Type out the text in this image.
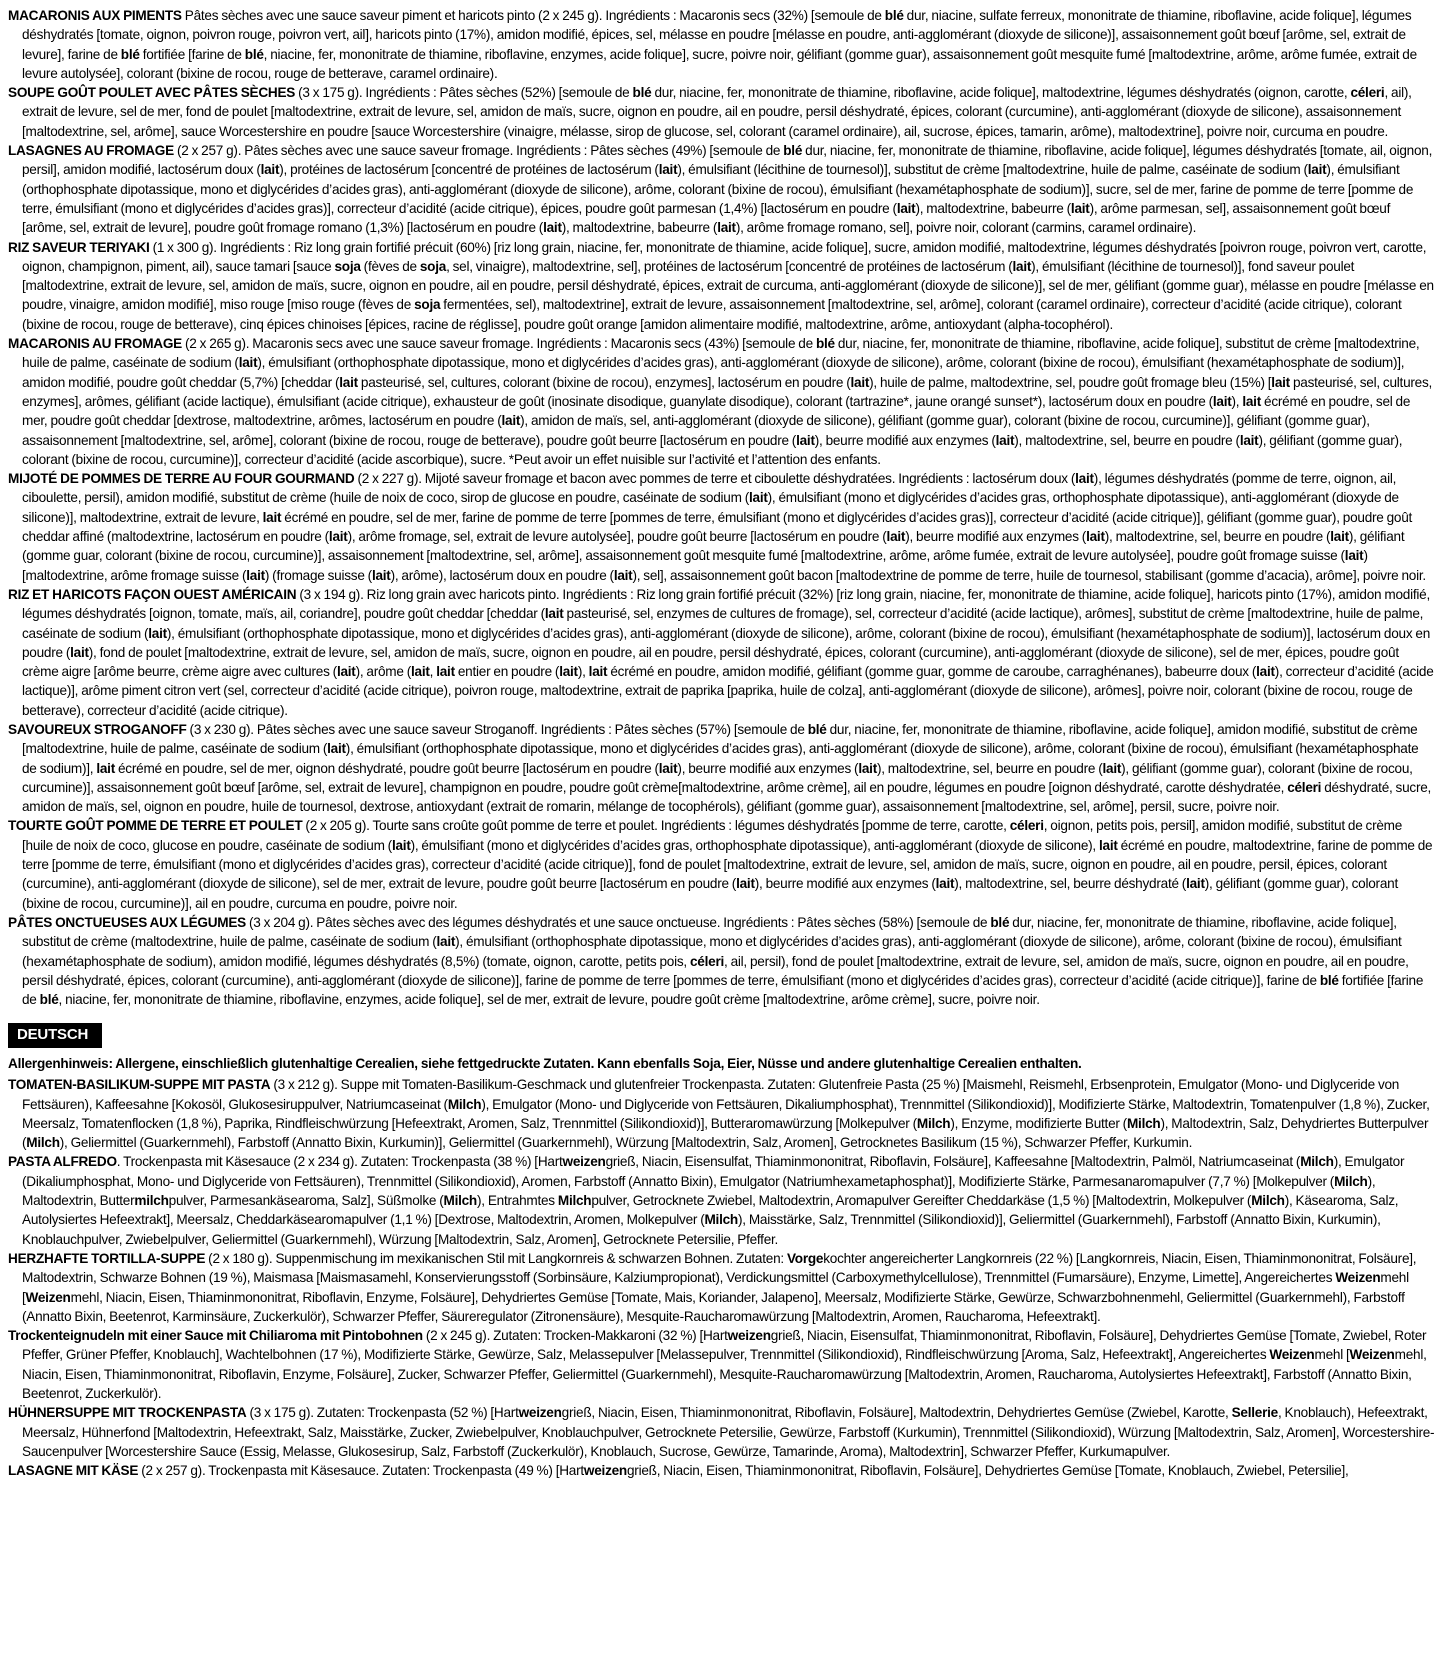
MACARONIS AUX PIMENTS Pâtes sèches avec une sauce saveur piment et haricots pinto (2 x 245 g). Ingrédients : Macaronis secs (32%) [semoule de blé dur, niacine, sulfate ferreux, mononitrate de thiamine, riboflavine, acide folique], légumes déshydratés [tomate, oignon, poivron rouge, poivron vert, ail], haricots pinto (17%), amidon modifié, épices, sel, mélasse en poudre [mélasse en poudre, anti-agglomérant (dioxyde de silicone)], assaisonnement goût bœuf [arôme, sel, extrait de levure], farine de blé fortifiée [farine de blé, niacine, fer, mononitrate de thiamine, riboflavine, enzymes, acide folique], sucre, poivre noir, gélifiant (gomme guar), assaisonnement goût mesquite fumé [maltodextrine, arôme, arôme fumée, extrait de levure autolysée], colorant (bixine de rocou, rouge de betterave, caramel ordinaire).

SOUPE GOÛT POULET AVEC PÂTES SÈCHES (3 x 175 g). Ingrédients : Pâtes sèches (52%) [semoule de blé dur, niacine, fer, mononitrate de thiamine, riboflavine, acide folique], maltodextrine, légumes déshydratés (oignon, carotte, céleri, ail), extrait de levure, sel de mer, fond de poulet [maltodextrine, extrait de levure, sel, amidon de maïs, sucre, oignon en poudre, ail en poudre, persil déshydraté, épices, colorant (curcumine), anti-agglomérant (dioxyde de silicone), assaisonnement [maltodextrine, sel, arôme], sauce Worcestershire en poudre [sauce Worcestershire (vinaigre, mélasse, sirop de glucose, sel, colorant (caramel ordinaire), ail, sucrose, épices, tamarin, arôme), maltodextrine], poivre noir, curcuma en poudre.

LASAGNES AU FROMAGE (2 x 257 g). Pâtes sèches avec une sauce saveur fromage. Ingrédients : Pâtes sèches (49%) [semoule de blé dur, niacine, fer, mononitrate de thiamine, riboflavine, acide folique], légumes déshydratés [tomate, ail, oignon, persil], amidon modifié, lactosérum doux (lait), protéines de lactosérum [concentré de protéines de lactosérum (lait), émulsifiant (lécithine de tournesol)], substitut de crème [maltodextrine, huile de palme, caséinate de sodium (lait), émulsifiant (orthophosphate dipotassique, mono et diglycérides d’acides gras), anti-agglomérant (dioxyde de silicone), arôme, colorant (bixine de rocou), émulsifiant (hexamétaphosphate de sodium)], sucre, sel de mer, farine de pomme de terre [pomme de terre, émulsifiant (mono et diglycérides d’acides gras)], correcteur d’acidité (acide citrique), épices, poudre goût parmesan (1,4%) [lactosérum en poudre (lait), maltodextrine, babeurre (lait), arôme parmesan, sel], assaisonnement goût bœuf [arôme, sel, extrait de levure], poudre goût fromage romano (1,3%) [lactosérum en poudre (lait), maltodextrine, babeurre (lait), arôme fromage romano, sel], poivre noir, colorant (carmins, caramel ordinaire).

RIZ SAVEUR TERIYAKI (1 x 300 g). Ingrédients : Riz long grain fortifié précuit (60%) [riz long grain, niacine, fer, mononitrate de thiamine, acide folique], sucre, amidon modifié, maltodextrine, légumes déshydratés [poivron rouge, poivron vert, carotte, oignon, champignon, piment, ail), sauce tamari [sauce soja (fèves de soja, sel, vinaigre), maltodextrine, sel], protéines de lactosérum [concentré de protéines de lactosérum (lait), émulsifiant (lécithine de tournesol)], fond saveur poulet [maltodextrine, extrait de levure, sel, amidon de maïs, sucre, oignon en poudre, ail en poudre, persil déshydraté, épices, extrait de curcuma, anti-agglomérant (dioxyde de silicone)], sel de mer, gélifiant (gomme guar), mélasse en poudre [mélasse en poudre, vinaigre, amidon modifié], miso rouge [miso rouge (fèves de soja fermentées, sel), maltodextrine], extrait de levure, assaisonnement [maltodextrine, sel, arôme], colorant (caramel ordinaire), correcteur d’acidité (acide citrique), colorant (bixine de rocou, rouge de betterave), cinq épices chinoises [épices, racine de réglisse], poudre goût orange [amidon alimentaire modifié, maltodextrine, arôme, antioxydant (alpha-tocophérol).

MACARONIS AU FROMAGE (2 x 265 g). Macaronis secs avec une sauce saveur fromage. Ingrédients : Macaronis secs (43%) [semoule de blé dur, niacine, fer, mononitrate de thiamine, riboflavine, acide folique], substitut de crème [maltodextrine, huile de palme, caséinate de sodium (lait), émulsifiant (orthophosphate dipotassique, mono et diglycérides d’acides gras), anti-agglomérant (dioxyde de silicone), arôme, colorant (bixine de rocou), émulsifiant (hexamétaphosphate de sodium)], amidon modifié, poudre goût cheddar (5,7%) [cheddar (lait pasteurisé, sel, cultures, colorant (bixine de rocou), enzymes], lactosérum en poudre (lait), huile de palme, maltodextrine, sel, poudre goût fromage bleu (15%) [lait pasteurisé, sel, cultures, enzymes], arômes, gélifiant (acide lactique), émulsifiant (acide citrique), exhausteur de goût (inosinate disodique, guanylate disodique), colorant (tartrazine*, jaune orangé sunset*), lactosérum doux en poudre (lait), lait écrémé en poudre, sel de mer, poudre goût cheddar [dextrose, maltodextrine, arômes, lactosérum en poudre (lait), amidon de maïs, sel, anti-agglomérant (dioxyde de silicone), gélifiant (gomme guar), colorant (bixine de rocou, curcumine)], gélifiant (gomme guar), assaisonnement [maltodextrine, sel, arôme], colorant (bixine de rocou, rouge de betterave), poudre goût beurre [lactosérum en poudre (lait), beurre modifié aux enzymes (lait), maltodextrine, sel, beurre en poudre (lait), gélifiant (gomme guar), colorant (bixine de rocou, curcumine)], correcteur d’acidité (acide ascorbique), sucre. *Peut avoir un effet nuisible sur l’activité et l’attention des enfants.

MIJOTÉ DE POMMES DE TERRE AU FOUR GOURMAND (2 x 227 g). Mijoté saveur fromage et bacon avec pommes de terre et ciboulette déshydratées. Ingrédients : lactosérum doux (lait), légumes déshydratés (pomme de terre, oignon, ail, ciboulette, persil), amidon modifié, substitut de crème (huile de noix de coco, sirop de glucose en poudre, caséinate de sodium (lait), émulsifiant (mono et diglycérides d’acides gras, orthophosphate dipotassique), anti-agglomérant (dioxyde de silicone)], maltodextrine, extrait de levure, lait écrémé en poudre, sel de mer, farine de pomme de terre [pommes de terre, émulsifiant (mono et diglycérides d’acides gras)], correcteur d’acidité (acide citrique)], gélifiant (gomme guar), poudre goût cheddar affiné (maltodextrine, lactosérum en poudre (lait), arôme fromage, sel, extrait de levure autolysée], poudre goût beurre [lactosérum en poudre (lait), beurre modifié aux enzymes (lait), maltodextrine, sel, beurre en poudre (lait), gélifiant (gomme guar, colorant (bixine de rocou, curcumine)], assaisonnement [maltodextrine, sel, arôme], assaisonnement goût mesquite fumé [maltodextrine, arôme, arôme fumée, extrait de levure autolysée], poudre goût fromage suisse (lait) [maltodextrine, arôme fromage suisse (lait) (fromage suisse (lait), arôme), lactosérum doux en poudre (lait), sel], assaisonnement goût bacon [maltodextrine de pomme de terre, huile de tournesol, stabilisant (gomme d’acacia), arôme], poivre noir.

RIZ ET HARICOTS FAÇON OUEST AMÉRICAIN (3 x 194 g). Riz long grain avec haricots pinto. Ingrédients : Riz long grain fortifié précuit (32%) [riz long grain, niacine, fer, mononitrate de thiamine, acide folique], haricots pinto (17%), amidon modifié, légumes déshydratés [oignon, tomate, maïs, ail, coriandre], poudre goût cheddar [cheddar (lait pasteurisé, sel, enzymes de cultures de fromage), sel, correcteur d’acidité (acide lactique), arômes], substitut de crème [maltodextrine, huile de palme, caséinate de sodium (lait), émulsifiant (orthophosphate dipotassique, mono et diglycérides d’acides gras), anti-agglomérant (dioxyde de silicone), arôme, colorant (bixine de rocou), émulsifiant (hexamétaphosphate de sodium)], lactosérum doux en poudre (lait), fond de poulet [maltodextrine, extrait de levure, sel, amidon de maïs, sucre, oignon en poudre, ail en poudre, persil déshydraté, épices, colorant (curcumine), anti-agglomérant (dioxyde de silicone), sel de mer, épices, poudre goût crème aigre [arôme beurre, crème aigre avec cultures (lait), arôme (lait, lait entier en poudre (lait), lait écrémé en poudre, amidon modifié, gélifiant (gomme guar, gomme de caroube, carraghénanes), babeurre doux (lait), correcteur d’acidité (acide lactique)], arôme piment citron vert (sel, correcteur d’acidité (acide citrique), poivron rouge, maltodextrine, extrait de paprika [paprika, huile de colza], anti-agglomérant (dioxyde de silicone), arômes], poivre noir, colorant (bixine de rocou, rouge de betterave), correcteur d’acidité (acide citrique).

SAVOUREUX STROGANOFF (3 x 230 g). Pâtes sèches avec une sauce saveur Stroganoff. Ingrédients : Pâtes sèches (57%) [semoule de blé dur, niacine, fer, mononitrate de thiamine, riboflavine, acide folique], amidon modifié, substitut de crème [maltodextrine, huile de palme, caséinate de sodium (lait), émulsifiant (orthophosphate dipotassique, mono et diglycérides d’acides gras), anti-agglomérant (dioxyde de silicone), arôme, colorant (bixine de rocou), émulsifiant (hexamétaphosphate de sodium)], lait écrémé en poudre, sel de mer, oignon déshydraté, poudre goût beurre [lactosérum en poudre (lait), beurre modifié aux enzymes (lait), maltodextrine, sel, beurre en poudre (lait), gélifiant (gomme guar), colorant (bixine de rocou, curcumine)], assaisonnement goût bœuf [arôme, sel, extrait de levure], champignon en poudre, poudre goût crème[maltodextrine, arôme crème], ail en poudre, légumes en poudre [oignon déshydraté, carotte déshydratée, céleri déshydraté, sucre, amidon de maïs, sel, oignon en poudre, huile de tournesol, dextrose, antioxydant (extrait de romarin, mélange de tocophérols), gélifiant (gomme guar), assaisonnement [maltodextrine, sel, arôme], persil, sucre, poivre noir.

TOURTE GOÛT POMME DE TERRE ET POULET (2 x 205 g). Tourte sans croûte goût pomme de terre et poulet. Ingrédients : légumes déshydratés [pomme de terre, carotte, céleri, oignon, petits pois, persil], amidon modifié, substitut de crème [huile de noix de coco, glucose en poudre, caséinate de sodium (lait), émulsifiant (mono et diglycérides d’acides gras, orthophosphate dipotassique), anti-agglomérant (dioxyde de silicone), lait écrémé en poudre, maltodextrine, farine de pomme de terre [pomme de terre, émulsifiant (mono et diglycérides d’acides gras), correcteur d’acidité (acide citrique)], fond de poulet [maltodextrine, extrait de levure, sel, amidon de maïs, sucre, oignon en poudre, ail en poudre, persil, épices, colorant (curcumine), anti-agglomérant (dioxyde de silicone), sel de mer, extrait de levure, poudre goût beurre [lactosérum en poudre (lait), beurre modifié aux enzymes (lait), maltodextrine, sel, beurre déshydraté (lait), gélifiant (gomme guar), colorant (bixine de rocou, curcumine)], ail en poudre, curcuma en poudre, poivre noir.

PÂTES ONCTUEUSES AUX LÉGUMES (3 x 204 g). Pâtes sèches avec des légumes déshydratés et une sauce onctueuse. Ingrédients : Pâtes sèches (58%) [semoule de blé dur, niacine, fer, mononitrate de thiamine, riboflavine, acide folique], substitut de crème (maltodextrine, huile de palme, caséinate de sodium (lait), émulsifiant (orthophosphate dipotassique, mono et diglycérides d’acides gras), anti-agglomérant (dioxyde de silicone), arôme, colorant (bixine de rocou), émulsifiant (hexamétaphosphate de sodium), amidon modifié, légumes déshydratés (8,5%) (tomate, oignon, carotte, petits pois, céleri, ail, persil), fond de poulet [maltodextrine, extrait de levure, sel, amidon de maïs, sucre, oignon en poudre, ail en poudre, persil déshydraté, épices, colorant (curcumine), anti-agglomérant (dioxyde de silicone)], farine de pomme de terre [pommes de terre, émulsifiant (mono et diglycérides d’acides gras), correcteur d’acidité (acide citrique)], farine de blé fortifiée [farine de blé, niacine, fer, mononitrate de thiamine, riboflavine, enzymes, acide folique], sel de mer, extrait de levure, poudre goût crème [maltodextrine, arôme crème], sucre, poivre noir.

DEUTSCH

Allergenhinweis: Allergene, einschließlich glutenhaltige Cerealien, siehe fettgedruckte Zutaten. Kann ebenfalls Soja, Eier, Nüsse und andere glutenhaltige Cerealien enthalten.

TOMATEN-BASILIKUM-SUPPE MIT PASTA (3 x 212 g). Suppe mit Tomaten-Basilikum-Geschmack und glutenfreier Trockenpasta. Zutaten: Glutenfreie Pasta (25 %) [Maismehl, Reismehl, Erbsenprotein, Emulgator (Mono- und Diglyceride von Fettsäuren), Kaffeesahne [Kokosöl, Glukosesiruppulver, Natriumcaseinat (Milch), Emulgator (Mono- und Diglyceride von Fettsäuren, Dikaliumphosphat), Trennmittel (Silikondioxid)], Modifizierte Stärke, Maltodextrin, Tomatenpulver (1,8 %), Zucker, Meersalz, Tomatenflocken (1,8 %), Paprika, Rindfleischwürzung [Hefeextrakt, Aromen, Salz, Trennmittel (Silikondioxid)], Butteraromawürzung [Molkepulver (Milch), Enzyme, modifizierte Butter (Milch), Maltodextrin, Salz, Dehydriertes Butterpulver (Milch), Geliermittel (Guarkernmehl), Farbstoff (Annatto Bixin, Kurkumin)], Geliermittel (Guarkernmehl), Würzung [Maltodextrin, Salz, Aromen], Getrocknetes Basilikum (15 %), Schwarzer Pfeffer, Kurkumin.

PASTA ALFREDO. Trockenpasta mit Käsesauce (2 x 234 g). Zutaten: Trockenpasta (38 %) [Hartweizengrieß, Niacin, Eisensulfat, Thiaminmononitrat, Riboflavin, Folsäure], Kaffeesahne [Maltodextrin, Palmöl, Natriumcaseinat (Milch), Emulgator (Dikaliumphosphat, Mono- und Diglyceride von Fettsäuren), Trennmittel (Silikondioxid), Aromen, Farbstoff (Annatto Bixin), Emulgator (Natriumhexametaphosphat)], Modifizierte Stärke, Parmesanaromapulver (7,7 %) [Molkepulver (Milch), Maltodextrin, Buttermilchpulver, Parmesankäsearoma, Salz], Süßmolke (Milch), Entrahmtes Milchpulver, Getrocknete Zwiebel, Maltodextrin, Aromapulver Gereifter Cheddarkäse (1,5 %) [Maltodextrin, Molkepulver (Milch), Käsearoma, Salz, Autolysiertes Hefeextrakt], Meersalz, Cheddarkäsearomapulver (1,1 %) [Dextrose, Maltodextrin, Aromen, Molkepulver (Milch), Maisstärke, Salz, Trennmittel (Silikondioxid)], Geliermittel (Guarkernmehl), Farbstoff (Annatto Bixin, Kurkumin), Knoblauchpulver, Zwiebelpulver, Geliermittel (Guarkernmehl), Würzung [Maltodextrin, Salz, Aromen], Getrocknete Petersilie, Pfeffer.

HERZHAFTE TORTILLA-SUPPE (2 x 180 g). Suppenmischung im mexikanischen Stil mit Langkornreis & schwarzen Bohnen. Zutaten: Vorgekochter angereicherter Langkornreis (22 %) [Langkornreis, Niacin, Eisen, Thiaminmononitrat, Folsäure], Maltodextrin, Schwarze Bohnen (19 %), Maismasa [Maismasamehl, Konservierungsstoff (Sorbinsäure, Kalziumpropionat), Verdickungsmittel (Carboxymethylcellulose), Trennmittel (Fumarsäure), Enzyme, Limette], Angereichertes Weizenmehl [Weizenmehl, Niacin, Eisen, Thiaminmononitrat, Riboflavin, Enzyme, Folsäure], Dehydriertes Gemüse [Tomate, Mais, Koriander, Jalapeno], Meersalz, Modifizierte Stärke, Gewürze, Schwarzbohnenmehl, Geliermittel (Guarkernmehl), Farbstoff (Annatto Bixin, Beetenrot, Karminsäure, Zuckerkulör), Schwarzer Pfeffer, Säureregulator (Zitronensäure), Mesquite-Raucharomawürzung [Maltodextrin, Aromen, Raucharoma, Hefeextrakt].

Trockenteignudeln mit einer Sauce mit Chiliaroma mit Pintobohnen (2 x 245 g). Zutaten: Trocken-Makkaroni (32 %) [Hartweizengrieß, Niacin, Eisensulfat, Thiaminmononitrat, Riboflavin, Folsäure], Dehydriertes Gemüse [Tomate, Zwiebel, Roter Pfeffer, Grüner Pfeffer, Knoblauch], Wachtelbohnen (17 %), Modifizierte Stärke, Gewürze, Salz, Melassepulver [Melassepulver, Trennmittel (Silikondioxid), Rindfleischwürzung [Aroma, Salz, Hefeextrakt], Angereichertes Weizenmehl [Weizenmehl, Niacin, Eisen, Thiaminmononitrat, Riboflavin, Enzyme, Folsäure], Zucker, Schwarzer Pfeffer, Geliermittel (Guarkernmehl), Mesquite-Raucharomawürzung [Maltodextrin, Aromen, Raucharoma, Autolysiertes Hefeextrakt], Farbstoff (Annatto Bixin, Beetenrot, Zuckerkulör).

HÜHNERSUPPE MIT TROCKENPASTA (3 x 175 g). Zutaten: Trockenpasta (52 %) [Hartweizengrieß, Niacin, Eisen, Thiaminmononitrat, Riboflavin, Folsäure], Maltodextrin, Dehydriertes Gemüse (Zwiebel, Karotte, Sellerie, Knoblauch), Hefeextrakt, Meersalz, Hühnerfond [Maltodextrin, Hefeextrakt, Salz, Maisstärke, Zucker, Zwiebelpulver, Knoblauchpulver, Getrocknete Petersilie, Gewürze, Farbstoff (Kurkumin), Trennmittel (Silikondioxid), Würzung [Maltodextrin, Salz, Aromen], Worcestershire-Saucenpulver [Worcestershire Sauce (Essig, Melasse, Glukosesirup, Salz, Farbstoff (Zuckerkulör), Knoblauch, Sucrose, Gewürze, Tamarinde, Aroma), Maltodextrin], Schwarzer Pfeffer, Kurkumapulver.

LASAGNE MIT KÄSE (2 x 257 g). Trockenpasta mit Käsesauce. Zutaten: Trockenpasta (49 %) [Hartweizengrieß, Niacin, Eisen, Thiaminmononitrat, Riboflavin, Folsäure], Dehydriertes Gemüse [Tomate, Knoblauch, Zwiebel, Petersilie],
